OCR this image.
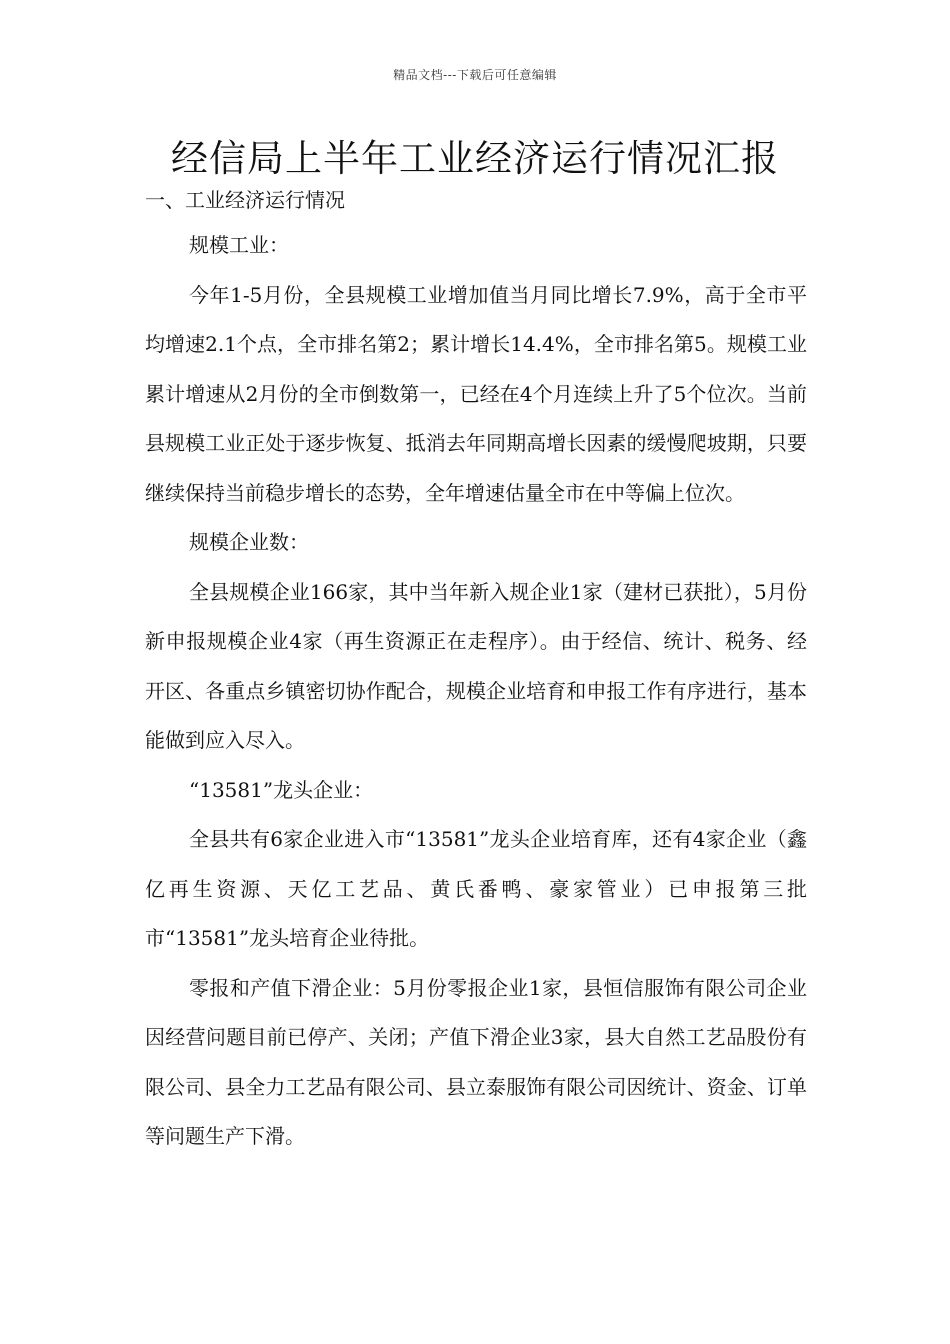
精品文档---下载后可任意编辑
经信局上半年工业经济运行情况汇报

一、工业经济运行情况

规模工业：

今年1-5月份，全县规模工业增加值当月同比增长7.9%，高于全市平均增速2.1个点，全市排名第2；累计增长14.4%，全市排名第5。规模工业累计增速从2月份的全市倒数第一，已经在4个月连续上升了5个位次。当前县规模工业正处于逐步恢复、抵消去年同期高增长因素的缓慢爬坡期，只要继续保持当前稳步增长的态势，全年增速估量全市在中等偏上位次。

规模企业数：

全县规模企业166家，其中当年新入规企业1家（建材已获批），5月份新申报规模企业4家（再生资源正在走程序）。由于经信、统计、税务、经开区、各重点乡镇密切协作配合，规模企业培育和申报工作有序进行，基本能做到应入尽入。

“13581”龙头企业：

全县共有6家企业进入市“13581”龙头企业培育库，还有4家企业（鑫亿再生资源、天亿工艺品、黄氏番鸭、豪家管业）已申报第三批市“13581”龙头培育企业待批。

零报和产值下滑企业：5月份零报企业1家，县恒信服饰有限公司企业因经营问题目前已停产、关闭；产值下滑企业3家，县大自然工艺品股份有限公司、县全力工艺品有限公司、县立泰服饰有限公司因统计、资金、订单等问题生产下滑。
